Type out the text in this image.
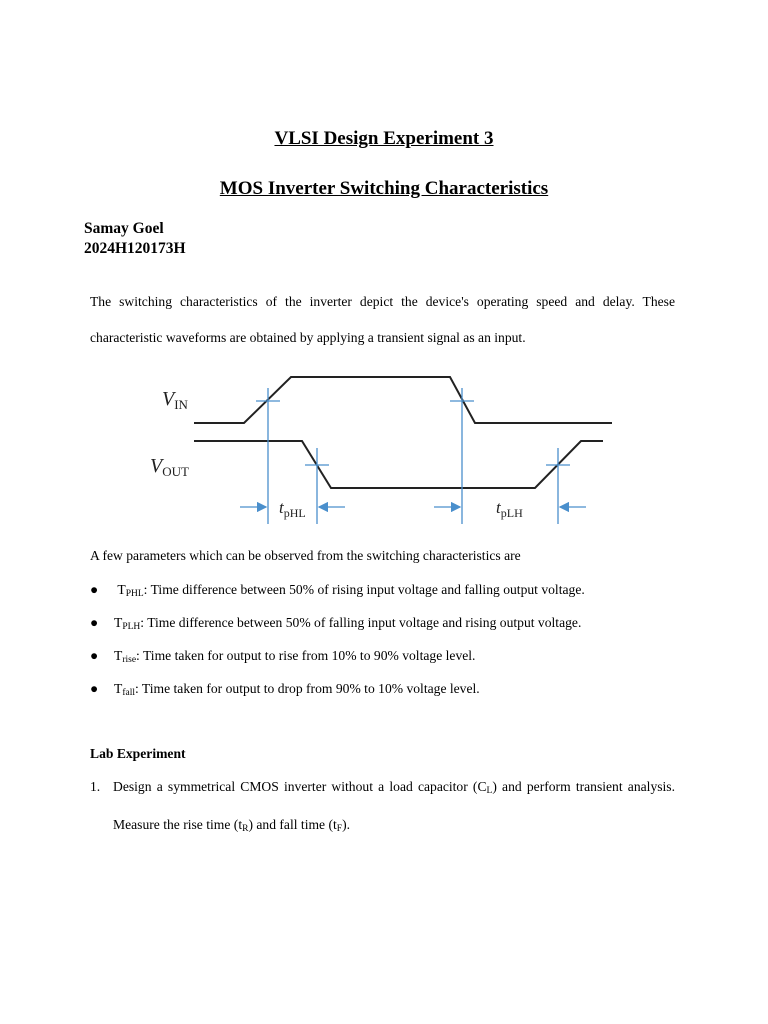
VLSI Design Experiment 3
MOS Inverter Switching Characteristics
Samay Goel
2024H120173H
The switching characteristics of the inverter depict the device's operating speed and delay. These characteristic waveforms are obtained by applying a transient signal as an input.
$V_{IN}$
$V_{OUT}$
$t_{pHL}$	$t_{pLH}$
A few parameters which can be observed from the switching characteristics are
● $T_{PHL}$: Time difference between 50% of rising input voltage and falling output voltage.
● $T_{PLH}$: Time difference between 50% of falling input voltage and rising output voltage.
● $T_{rise}$: Time taken for output to rise from 10% to 90% voltage level.
● $T_{fall}$: Time taken for output to drop from 90% to 10% voltage level.
Lab Experiment
1. Design a symmetrical CMOS inverter without a load capacitor $(C_L)$ and perform transient analysis. Measure the rise time $(t_R)$ and fall time $(t_F)$.
